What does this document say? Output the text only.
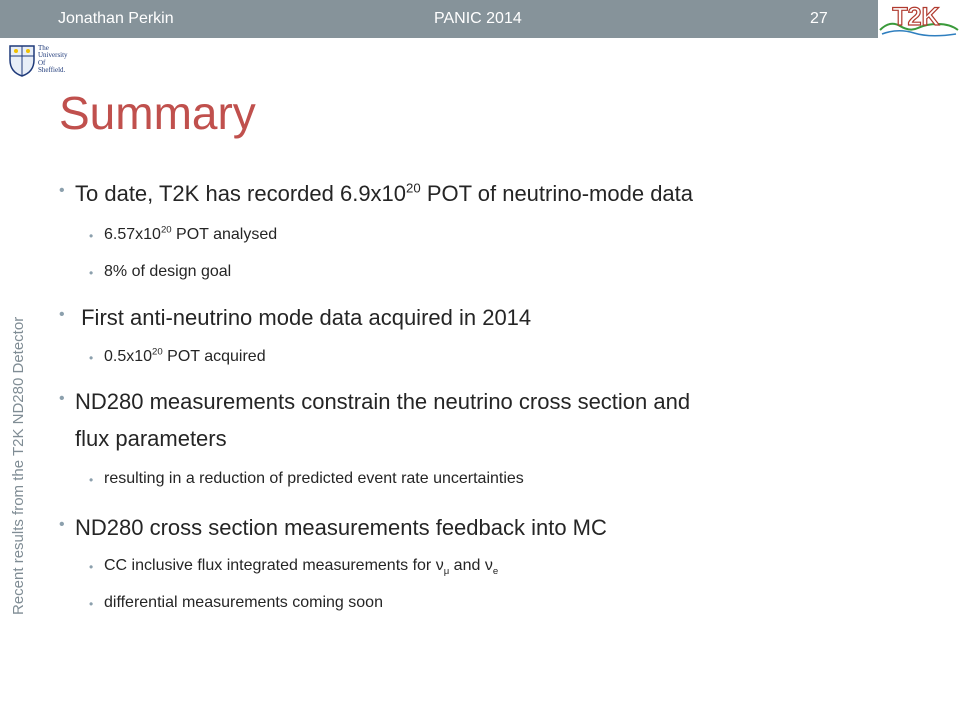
Jonathan Perkin	PANIC 2014	27	T2K
The
University
Of
Sheffield.
Recent results from the T2K ND280 Detector
Summary
• To date, T2K has recorded $6.9x10^{20}$ POT of neutrino-mode data
• $6.57x10^{20}$ POT analysed
• 8% of design goal
• First anti-neutrino mode data acquired in 2014
• $0.5x10^{20}$ POT acquired
• ND280 measurements constrain the neutrino cross section and
flux parameters
• resulting in a reduction of predicted event rate uncertainties
• ND280 cross section measurements feedback into MC
• CC inclusive flux integrated measurements for $\nu_\mu$ and $\nu_e$
• differential measurements coming soon
